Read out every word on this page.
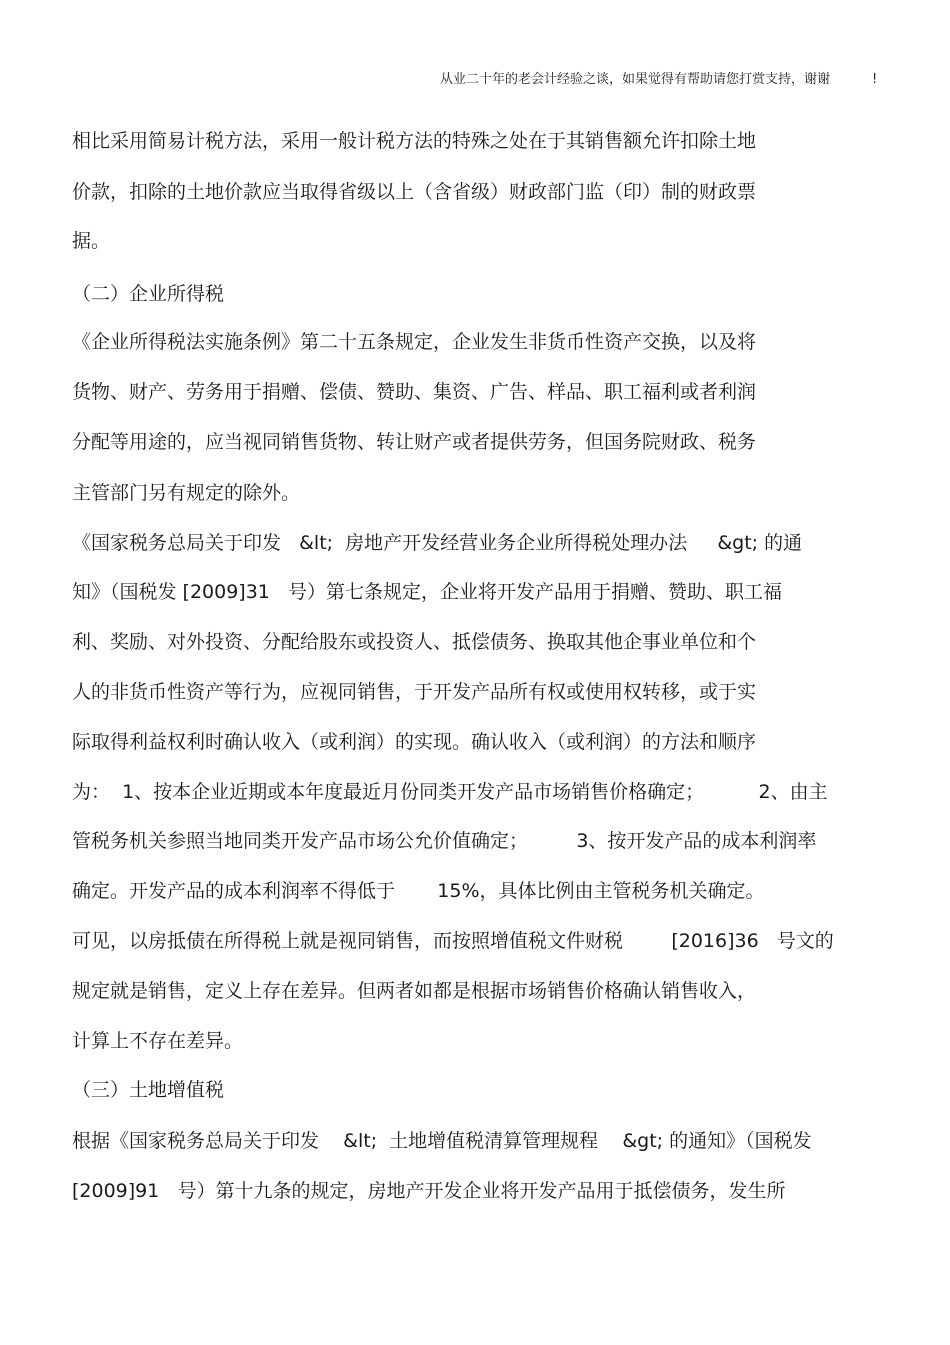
从业二十年的老会计经验之谈，如果觉得有帮助请您打赏支持，谢谢	!
相比采用简易计税方法，采用一般计税方法的特殊之处在于其销售额允许扣除土地
价款，扣除的土地价款应当取得省级以上（含省级）财政部门监（印）制的财政票
据。
（二）企业所得税
《企业所得税法实施条例》第二十五条规定，企业发生非货币性资产交换，以及将
货物、财产、劳务用于捐赠、偿债、赞助、集资、广告、样品、职工福利或者利润
分配等用途的，应当视同销售货物、转让财产或者提供劳务，但国务院财政、税务
主管部门另有规定的除外。
《国家税务总局关于印发   &lt;  房地产开发经营业务企业所得税处理办法     &gt; 的通
知》（国税发 [2009]31   号）第七条规定，企业将开发产品用于捐赠、赞助、职工福
利、奖励、对外投资、分配给股东或投资人、抵偿债务、换取其他企事业单位和个
人的非货币性资产等行为，应视同销售，于开发产品所有权或使用权转移，或于实
际取得利益权利时确认收入（或利润）的实现。确认收入（或利润）的方法和顺序
为：  1、按本企业近期或本年度最近月份同类开发产品市场销售价格确定；         2、由主
管税务机关参照当地同类开发产品市场公允价值确定；        3、按开发产品的成本利润率
确定。开发产品的成本利润率不得低于       15%，具体比例由主管税务机关确定。
可见，以房抵债在所得税上就是视同销售，而按照增值税文件财税        [2016]36   号文的
规定就是销售，定义上存在差异。但两者如都是根据市场销售价格确认销售收入，
计算上不存在差异。
（三）土地增值税
根据《国家税务总局关于印发    &lt;  土地增值税清算管理规程    &gt; 的通知》（国税发
[2009]91   号）第十九条的规定，房地产开发企业将开发产品用于抵偿债务，发生所
